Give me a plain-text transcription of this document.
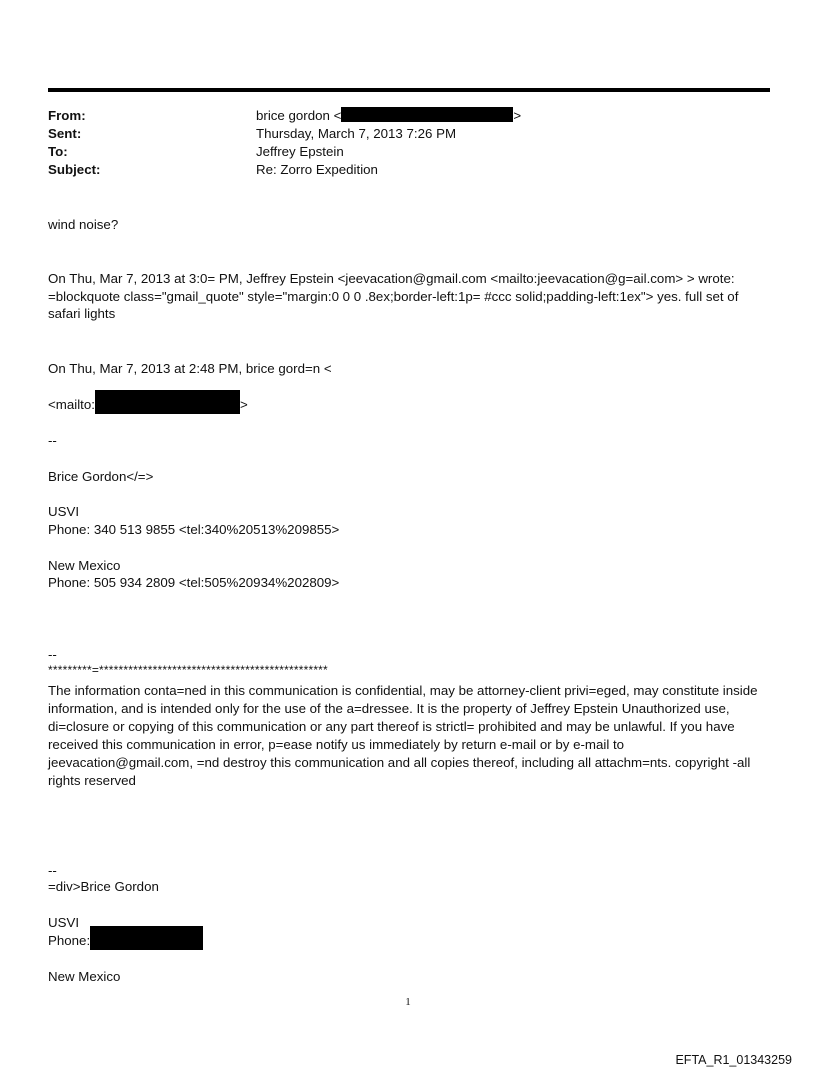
From:	brice gordon <	>
Sent:	Thursday, March 7, 2013 7:26 PM
To:	Jeffrey Epstein
Subject:	Re: Zorro Expedition
wind noise?
On Thu, Mar 7, 2013 at 3:0= PM, Jeffrey Epstein <jeevacation@gmail.com <mailto:jeevacation@g=ail.com> > wrote: =blockquote class="gmail_quote" style="margin:0 0 0 .8ex;border-left:1p= #ccc solid;padding-left:1ex"> yes. full set of safari lights
On Thu, Mar 7, 2013 at 2:48 PM, brice gord=n <
<mailto:	>
--
Brice Gordon</=>
USVI
Phone: 340 513 9855 <tel:340%20513%209855>
New Mexico
Phone: 505 934 2809 <tel:505%20934%202809>
--
*********=***********************************************
The information conta=ned in this communication is confidential, may be attorney-client privi=eged, may constitute inside information, and is intended only for the use of the a=dressee. It is the property of Jeffrey Epstein Unauthorized use, di=closure or copying of this communication or any part thereof is strictl= prohibited and may be unlawful. If you have received this communication in error, p=ease notify us immediately by return e-mail or by e-mail to jeevacation@gmail.com, =nd destroy this communication and all copies thereof, including all attachm=nts. copyright -all rights reserved
--
=div>Brice Gordon
USVI
Phone:
New Mexico
1
EFTA_R1_01343259
